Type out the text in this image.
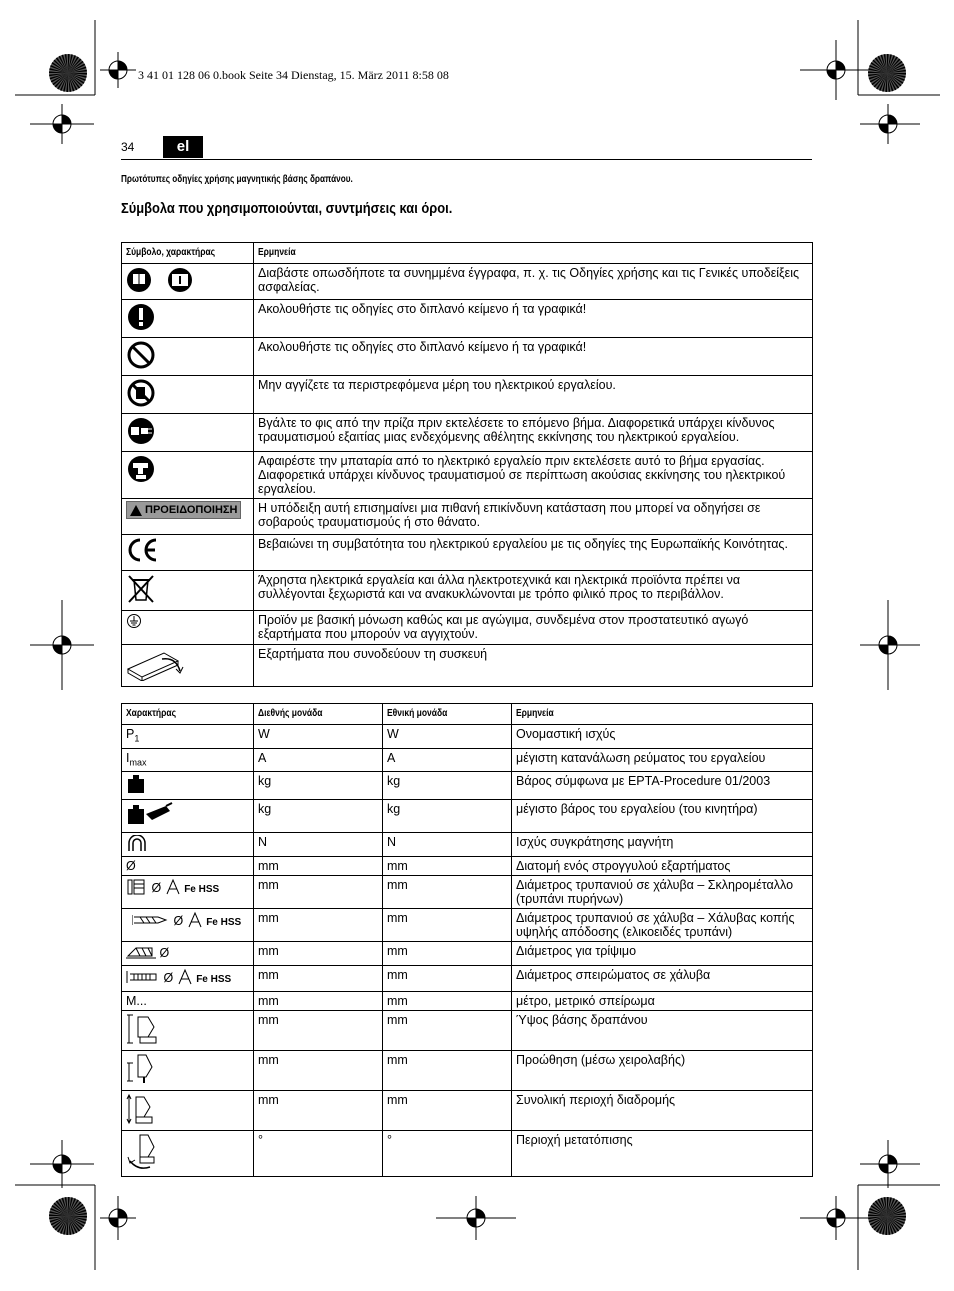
3 41 01 128 06 0.book Seite 34 Dienstag, 15. März 2011 8:58 08
34	el
Πρωτότυπες οδηγίες χρήσης μαγνητικής βάσης δραπάνου.
Σύμβολα που χρησιμοποιούνται, συντμήσεις και όροι.
Σύμβολο, χαρακτήρας	Ερμηνεία

	Διαβάστε οπωσδήποτε τα συνημμένα έγγραφα, π. χ. τις Οδηγίες χρήσης και τις Γενικές υποδείξεις ασφαλείας.

	Ακολουθήστε τις οδηγίες στο διπλανό κείμενο ή τα γραφικά!

	Ακολουθήστε τις οδηγίες στο διπλανό κείμενο ή τα γραφικά!

	Μην αγγίζετε τα περιστρεφόμενα μέρη του ηλεκτρικού εργαλείου.

	Βγάλτε το φις από την πρίζα πριν εκτελέσετε το επόμενο βήμα. Διαφορετικά υπάρχει κίνδυνος τραυματισμού εξαιτίας μιας ενδεχόμενης αθέλητης εκκίνησης του ηλεκτρικού εργαλείου.

	Αφαιρέστε την μπαταρία από το ηλεκτρικό εργαλείο πριν εκτελέσετε αυτό το βήμα εργασίας. Διαφορετικά υπάρχει κίνδυνος τραυματισμού σε περίπτωση ακούσιας εκκίνησης του ηλεκτρικού εργαλείου.

ΠΡΟΕΙΔΟΠΟΙΗΣΗ	Η υπόδειξη αυτή επισημαίνει μια πιθανή επικίνδυνη κατάσταση που μπορεί να οδηγήσει σε σοβαρούς τραυματισμούς ή στο θάνατο.

	Βεβαιώνει τη συμβατότητα του ηλεκτρικού εργαλείου με τις οδηγίες της Ευρωπαϊκής Κοινότητας.

	Άχρηστα ηλεκτρικά εργαλεία και άλλα ηλεκτροτεχνικά και ηλεκτρικά προϊόντα πρέπει να συλλέγονται ξεχωριστά και να ανακυκλώνονται με τρόπο φιλικό προς το περιβάλλον.

	Προϊόν με βασική μόνωση καθώς και με αγώγιμα, συνδεμένα στον προστατευτικό αγωγό εξαρτήματα που μπορούν να αγγιχτούν.

	Εξαρτήματα που συνοδεύουν τη συσκευή
Χαρακτήρας	Διεθνής μονάδα	Εθνική μονάδα	Ερμηνεία
$P_1$	W	W	Ονομαστική ισχύς
$I_{max}$	A	A	μέγιστη κατανάλωση ρεύματος του εργαλείου
	kg	kg	Βάρος σύμφωνα με EPTA-Procedure 01/2003
	kg	kg	μέγιστο βάρος του εργαλείου (του κινητήρα)
	N	N	Ισχύς συγκράτησης μαγνήτη
Ø	mm	mm	Διατομή ενός στρογγυλού εξαρτήματος
Ø Fe HSS	mm	mm	Διάμετρος τρυπανιού σε χάλυβα – Σκληρομέταλλο (τρυπάνι πυρήνων)
Ø Fe HSS	mm	mm	Διάμετρος τρυπανιού σε χάλυβα – Χάλυβας κοπής υψηλής απόδοσης (ελικοειδές τρυπάνι)
Ø	mm	mm	Διάμετρος για τρίψιμο
Ø Fe HSS	mm	mm	Διάμετρος σπειρώματος σε χάλυβα
M...	mm	mm	μέτρο, μετρικό σπείρωμα
	mm	mm	Ύψος βάσης δραπάνου
	mm	mm	Προώθηση (μέσω χειρολαβής)
	mm	mm	Συνολική περιοχή διαδρομής
	°	°	Περιοχή μετατόπισης
